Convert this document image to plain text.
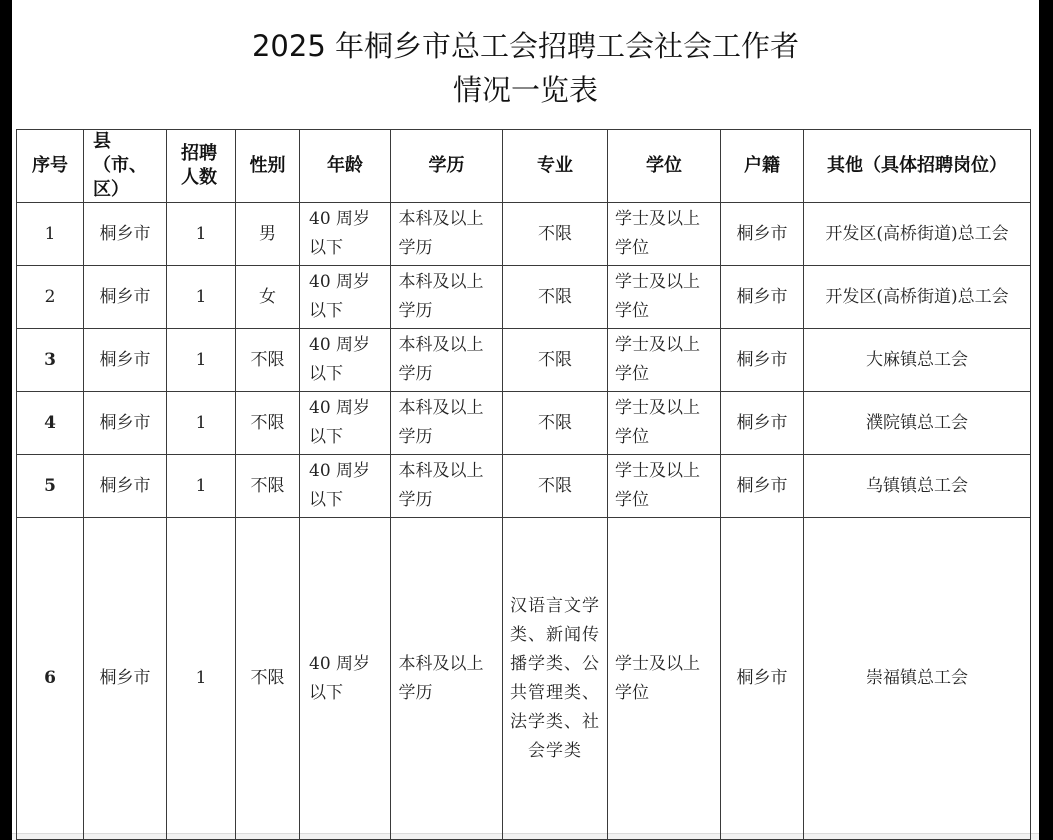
2025 年桐乡市总工会招聘工会社会工作者
情况一览表
序号	县（市、区）	招聘人数	性别	年龄	学历	专业	学位	户籍	其他（具体招聘岗位）
1	桐乡市	1	男	40 周岁以下	本科及以上学历	不限	学士及以上学位	桐乡市	开发区(高桥街道)总工会
2	桐乡市	1	女	40 周岁以下	本科及以上学历	不限	学士及以上学位	桐乡市	开发区(高桥街道)总工会
3	桐乡市	1	不限	40 周岁以下	本科及以上学历	不限	学士及以上学位	桐乡市	大麻镇总工会
4	桐乡市	1	不限	40 周岁以下	本科及以上学历	不限	学士及以上学位	桐乡市	濮院镇总工会
5	桐乡市	1	不限	40 周岁以下	本科及以上学历	不限	学士及以上学位	桐乡市	乌镇镇总工会
6	桐乡市	1	不限	40 周岁以下	本科及以上学历	汉语言文学类、新闻传播学类、公共管理类、法学类、社会学类	学士及以上学位	桐乡市	崇福镇总工会
